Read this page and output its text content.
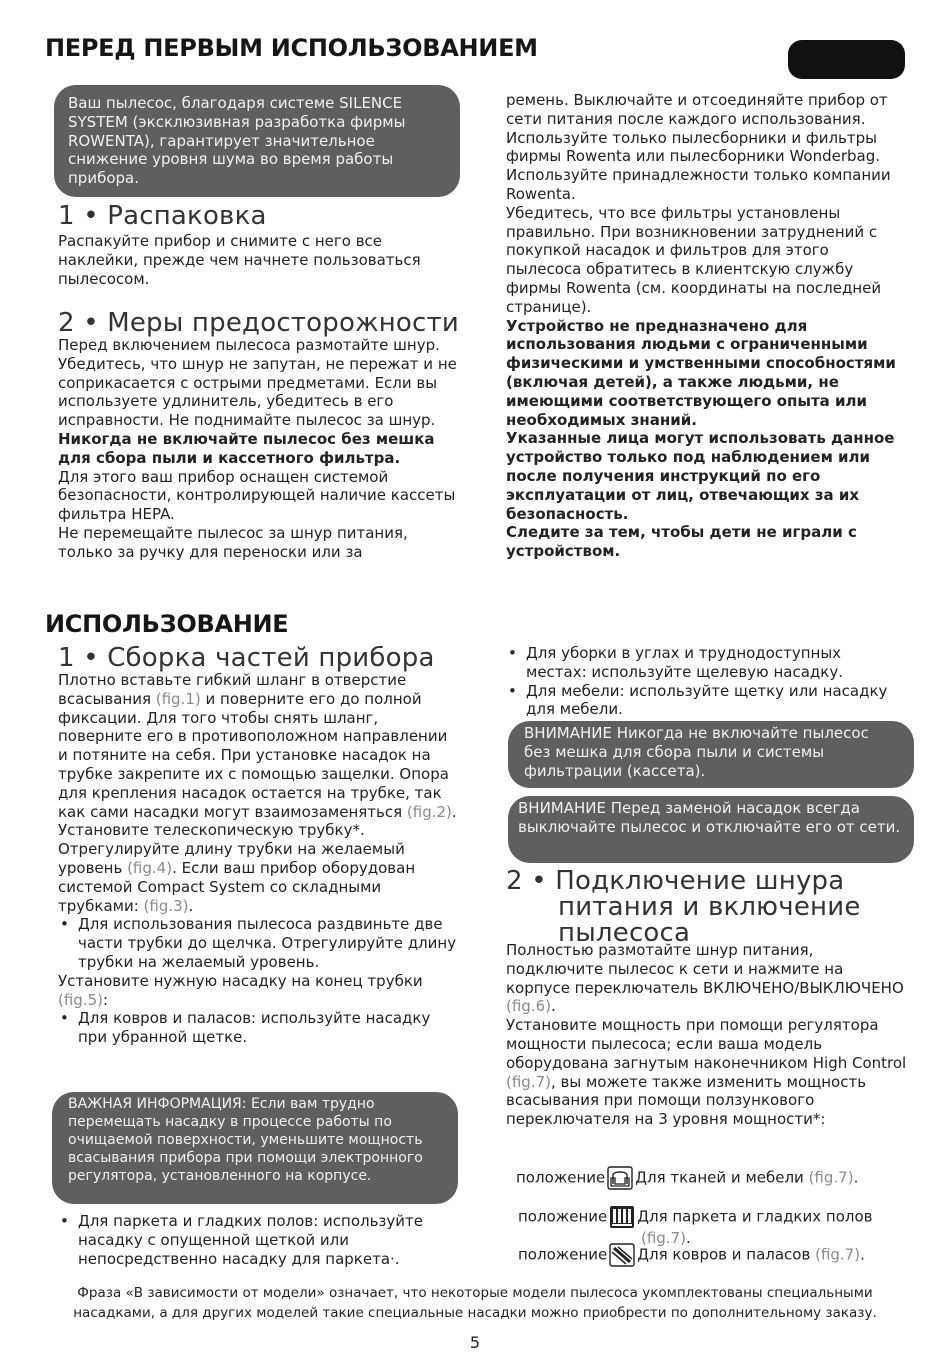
ПЕРЕД ПЕРВЫМ ИСПОЛЬЗОВАНИЕМ
Ваш пылесос, благодаря системе SILENCE SYSTEM (эксклюзивная разработка фирмы ROWENTA), гарантирует значительное снижение уровня шума во время работы прибора.
1 • Распаковка
Распакуйте прибор и снимите с него все наклейки, прежде чем начнете пользоваться пылесосом.
2 • Меры предосторожности
Перед включением пылесоса размотайте шнур. Убедитесь, что шнур не запутан, не пережат и не соприкасается с острыми предметами. Если вы используете удлинитель, убедитесь в его исправности. Не поднимайте пылесос за шнур.
Никогда не включайте пылесос без мешка для сбора пыли и кассетного фильтра.
Для этого ваш прибор оснащен системой безопасности, контролирующей наличие кассеты фильтра HEPA.
Не перемещайте пылесос за шнур питания, только за ручку для переноски или за
ремень. Выключайте и отсоединяйте прибор от сети питания после каждого использования.
Используйте только пылесборники и фильтры фирмы Rowenta или пылесборники Wonderbag.
Используйте принадлежности только компании Rowenta.
Убедитесь, что все фильтры установлены правильно. При возникновении затруднений с покупкой насадок и фильтров для этого пылесоса обратитесь в клиентскую службу фирмы Rowenta (см. координаты на последней странице).
Устройство не предназначено для использования людьми с ограниченными физическими и умственными способностями (включая детей), а также людьми, не имеющими соответствующего опыта или необходимых знаний.
Указанные лица могут использовать данное устройство только под наблюдением или после получения инструкций по его эксплуатации от лиц, отвечающих за их безопасность.
Следите за тем, чтобы дети не играли с устройством.
ИСПОЛЬЗОВАНИЕ
1 • Сборка частей прибора
Плотно вставьте гибкий шланг в отверстие всасывания (fig.1) и поверните его до полной фиксации. Для того чтобы снять шланг, поверните его в противоположном направлении и потяните на себя. При установке насадок на трубке закрепите их с помощью защелки. Опора для крепления насадок остается на трубке, так как сами насадки могут взаимозаменяться (fig.2).
Установите телескопическую трубку*.
Отрегулируйте длину трубки на желаемый уровень (fig.4). Если ваш прибор оборудован системой Compact System со складными трубками: (fig.3).
• Для использования пылесоса раздвиньте две части трубки до щелчка. Отрегулируйте длину трубки на желаемый уровень.
Установите нужную насадку на конец трубки (fig.5):
• Для ковров и паласов: используйте насадку при убранной щетке.
ВАЖНАЯ ИНФОРМАЦИЯ: Если вам трудно перемещать насадку в процессе работы по очищаемой поверхности, уменьшите мощность всасывания прибора при помощи электронного регулятора, установленного на корпусе.
• Для паркета и гладких полов: используйте насадку с опущенной щеткой или непосредственно насадку для паркета·.
• Для уборки в углах и труднодоступных местах: используйте щелевую насадку.
• Для мебели: используйте щетку или насадку для мебели.
ВНИМАНИЕ Никогда не включайте пылесос без мешка для сбора пыли и системы фильтрации (кассета).
ВНИМАНИЕ Перед заменой насадок всегда выключайте пылесос и отключайте его от сети.
2 • Подключение шнура
питания и включение
пылесоса
Полностью размотайте шнур питания, подключите пылесос к сети и нажмите на корпусе переключатель ВКЛЮЧЕНО/ВЫКЛЮЧЕНО (fig.6).
Установите мощность при помощи регулятора мощности пылесоса; если ваша модель оборудована загнутым наконечником High Control (fig.7), вы можете также изменить мощность всасывания при помощи ползункового переключателя на 3 уровня мощности*:
положение Для тканей и мебели (fig.7).
положение Для паркета и гладких полов
(fig.7).
положение Для ковров и паласов (fig.7).
Фраза «В зависимости от модели» означает, что некоторые модели пылесоса укомплектованы специальными
насадками, а для других моделей такие специальные насадки можно приобрести по дополнительному заказу.
5
